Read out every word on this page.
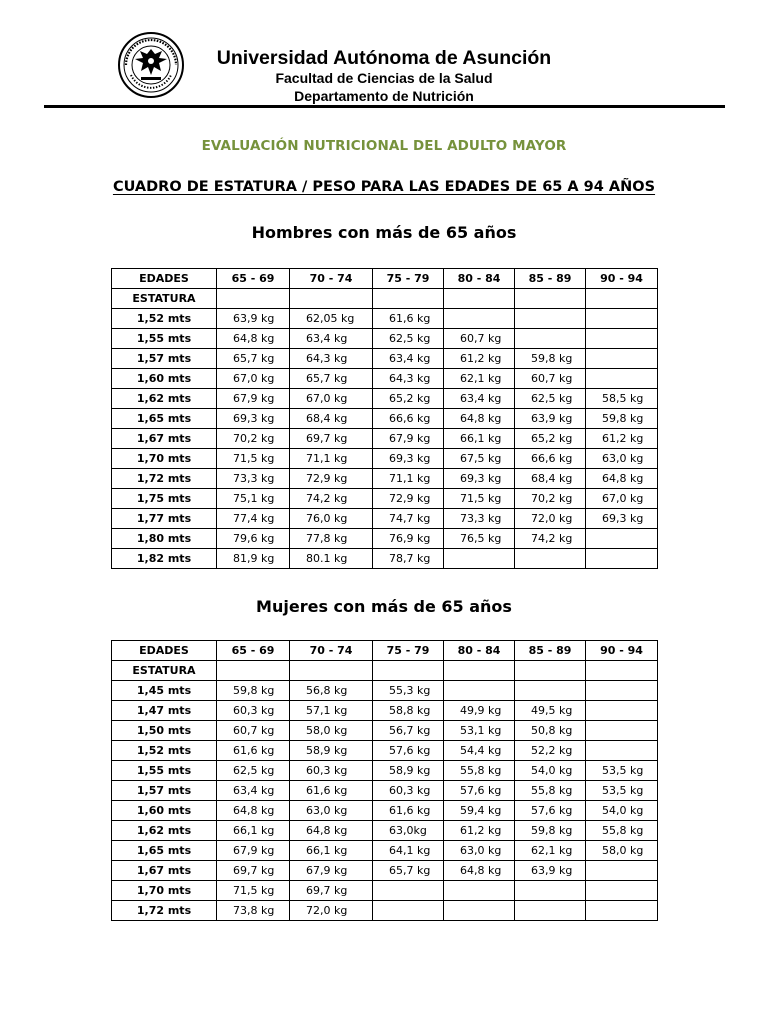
Universidad Autónoma de Asunción
Facultad de Ciencias de la Salud
Departamento de Nutrición
EVALUACIÓN NUTRICIONAL DEL ADULTO MAYOR
CUADRO DE ESTATURA / PESO PARA LAS EDADES DE 65 A 94 AÑOS
Hombres con más de 65 años
EDADES	65 - 69	70 - 74	75 - 79	80 - 84	85 - 89	90 - 94
ESTATURA						
1,52 mts	63,9 kg	62,05 kg	61,6 kg			
1,55 mts	64,8 kg	63,4 kg	62,5 kg	60,7 kg		
1,57 mts	65,7 kg	64,3 kg	63,4 kg	61,2 kg	59,8 kg	
1,60 mts	67,0 kg	65,7 kg	64,3 kg	62,1 kg	60,7 kg	
1,62 mts	67,9 kg	67,0 kg	65,2 kg	63,4 kg	62,5 kg	58,5 kg
1,65 mts	69,3 kg	68,4 kg	66,6 kg	64,8 kg	63,9 kg	59,8 kg
1,67 mts	70,2 kg	69,7 kg	67,9 kg	66,1 kg	65,2 kg	61,2 kg
1,70 mts	71,5 kg	71,1 kg	69,3 kg	67,5 kg	66,6 kg	63,0 kg
1,72 mts	73,3 kg	72,9 kg	71,1 kg	69,3 kg	68,4 kg	64,8 kg
1,75 mts	75,1 kg	74,2 kg	72,9 kg	71,5 kg	70,2 kg	67,0 kg
1,77 mts	77,4 kg	76,0 kg	74,7 kg	73,3 kg	72,0 kg	69,3 kg
1,80 mts	79,6 kg	77,8 kg	76,9 kg	76,5 kg	74,2 kg	
1,82 mts	81,9 kg	80.1 kg	78,7 kg			
Mujeres con más de 65 años
EDADES	65 - 69	70 - 74	75 - 79	80 - 84	85 - 89	90 - 94
ESTATURA						
1,45 mts	59,8 kg	56,8 kg	55,3 kg			
1,47 mts	60,3 kg	57,1 kg	58,8 kg	49,9 kg	49,5 kg	
1,50 mts	60,7 kg	58,0 kg	56,7 kg	53,1 kg	50,8 kg	
1,52 mts	61,6 kg	58,9 kg	57,6 kg	54,4 kg	52,2 kg	
1,55 mts	62,5 kg	60,3 kg	58,9 kg	55,8 kg	54,0 kg	53,5 kg
1,57 mts	63,4 kg	61,6 kg	60,3 kg	57,6 kg	55,8 kg	53,5 kg
1,60 mts	64,8 kg	63,0 kg	61,6 kg	59,4 kg	57,6 kg	54,0 kg
1,62 mts	66,1 kg	64,8 kg	63,0kg	61,2 kg	59,8 kg	55,8 kg
1,65 mts	67,9 kg	66,1 kg	64,1 kg	63,0 kg	62,1 kg	58,0 kg
1,67 mts	69,7 kg	67,9 kg	65,7 kg	64,8 kg	63,9 kg	
1,70 mts	71,5 kg	69,7 kg				
1,72 mts	73,8 kg	72,0 kg				
